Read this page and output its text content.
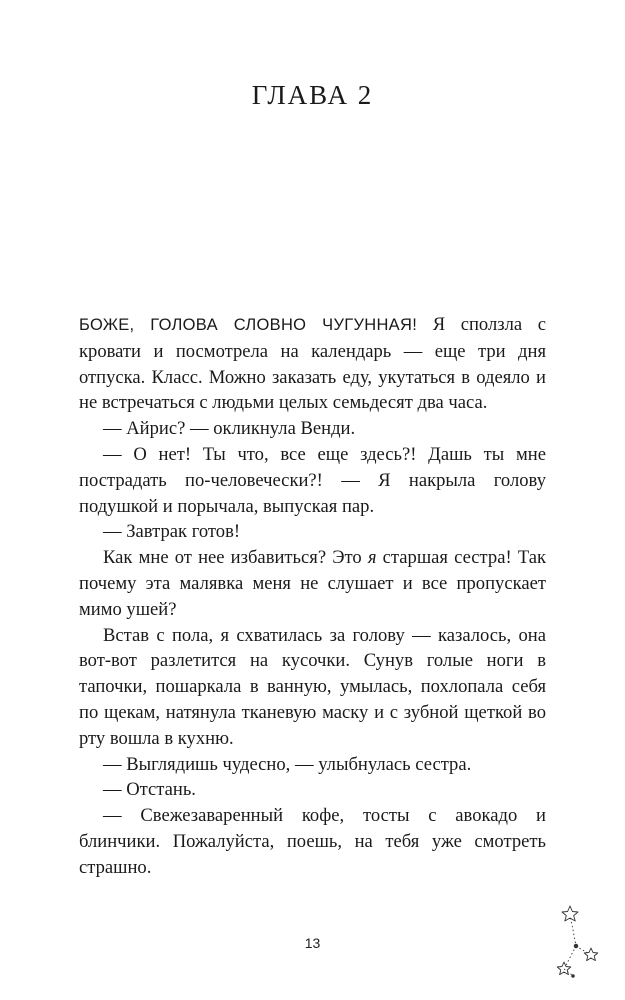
ГЛАВА 2

БОЖЕ, ГОЛОВА СЛОВНО ЧУГУННАЯ! Я сползла с кровати и посмотрела на календарь — еще три дня отпуска. Класс. Можно заказать еду, укутаться в одеяло и не встречаться с людьми целых семьдесят два часа.

— Айрис? — окликнула Венди.

— О нет! Ты что, все еще здесь?! Дашь ты мне пострадать по-человечески?! — Я накрыла голову подушкой и порычала, выпуская пар.

— Завтрак готов!

Как мне от нее избавиться? Это я старшая сестра! Так почему эта малявка меня не слушает и все пропускает мимо ушей?

Встав с пола, я схватилась за голову — казалось, она вот-вот разлетится на кусочки. Сунув голые ноги в тапочки, пошаркала в ванную, умылась, похлопала себя по щекам, натянула тканевую маску и с зубной щеткой во рту вошла в кухню.

— Выглядишь чудесно, — улыбнулась сестра.

— Отстань.

— Свежезаваренный кофе, тосты с авокадо и блинчики. Пожалуйста, поешь, на тебя уже смотреть страшно.

13
